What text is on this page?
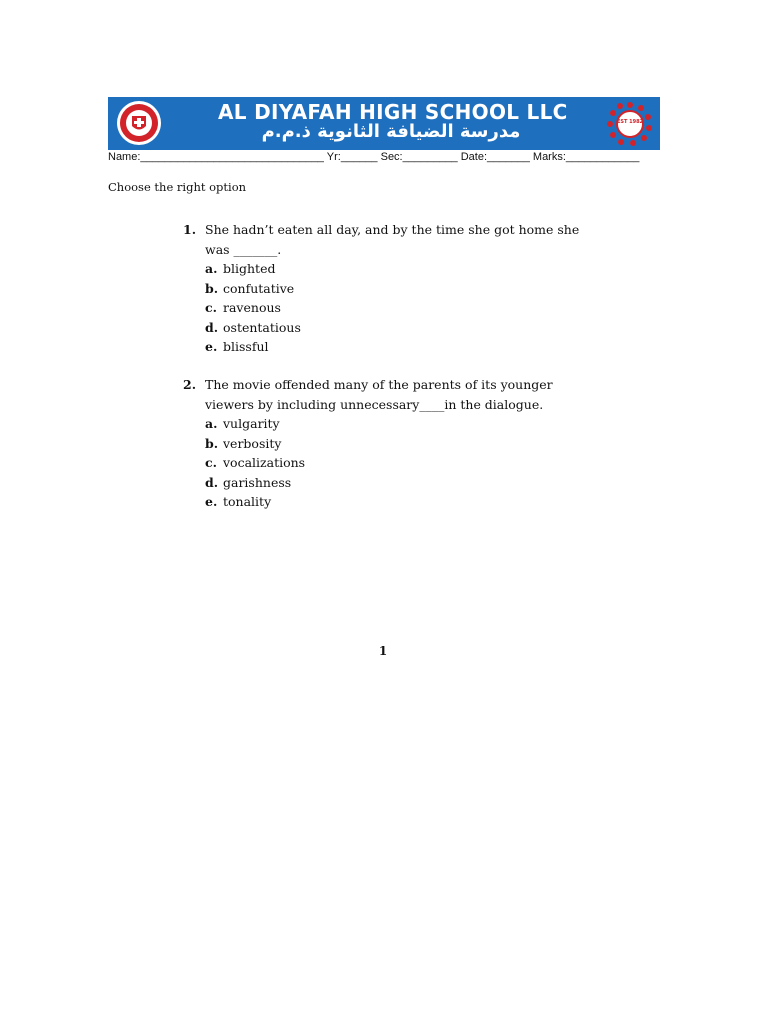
AL DIYAFAH HIGH SCHOOL LLC
مدرسة الضيافة الثانوية ذ.م.م	EST 1982
Name:______________________________ Yr:______ Sec:_________ Date:_______ Marks:____________
Choose the right option
1. She hadn’t eaten all day, and by the time she got home she was _______.
a. blighted
b. confutative
c. ravenous
d. ostentatious
e. blissful
2. The movie offended many of the parents of its younger viewers by including unnecessary____in the dialogue.
a. vulgarity
b. verbosity
c. vocalizations
d. garishness
e. tonality
1
